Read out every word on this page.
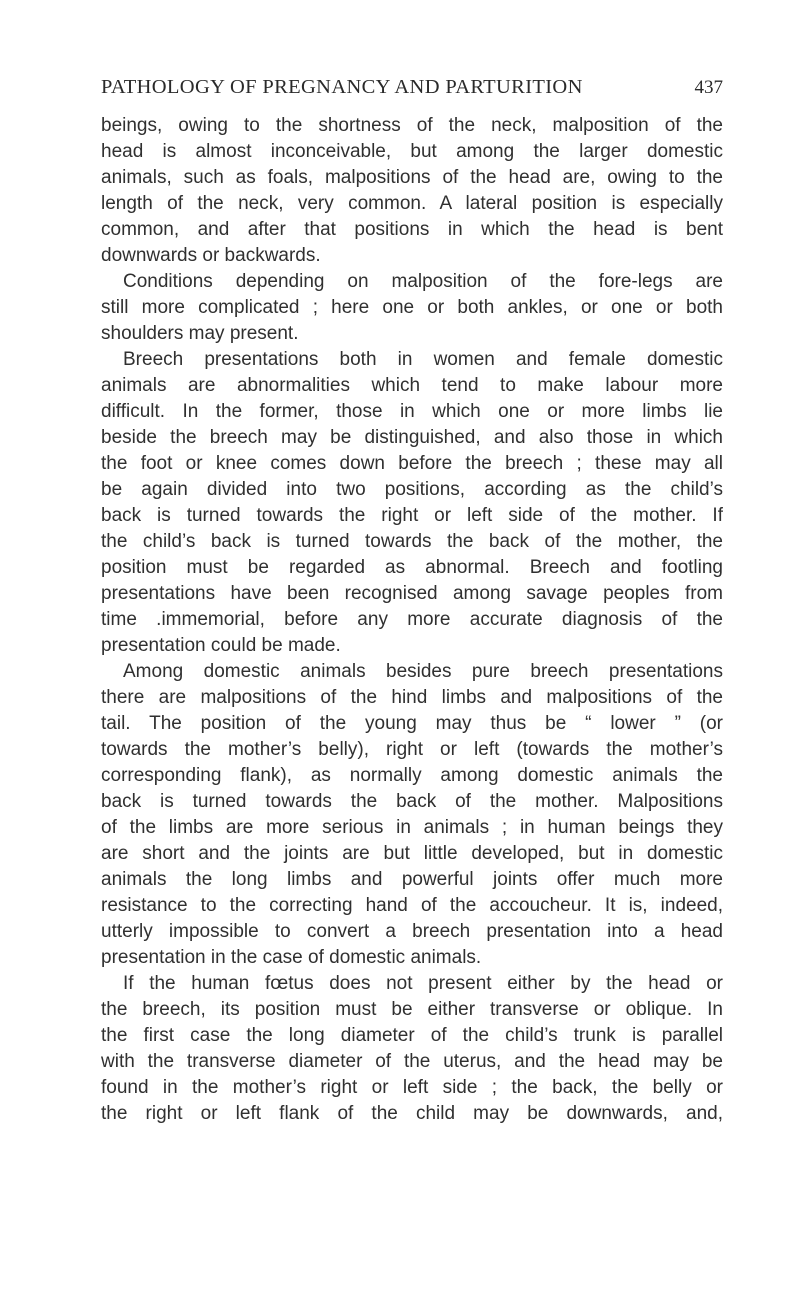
PATHOLOGY OF PREGNANCY AND PARTURITION	437
beings, owing to the shortness of the neck, malposition of the
head is almost inconceivable, but among the larger domestic
animals, such as foals, malpositions of the head are, owing to the
length of the neck, very common. A lateral position is especially
common, and after that positions in which the head is bent
downwards or backwards.
Conditions depending on malposition of the fore-legs are
still more complicated ; here one or both ankles, or one or both
shoulders may present.
Breech presentations both in women and female domestic
animals are abnormalities which tend to make labour more
difficult. In the former, those in which one or more limbs lie
beside the breech may be distinguished, and also those in which
the foot or knee comes down before the breech ; these may all
be again divided into two positions, according as the child’s
back is turned towards the right or left side of the mother. If
the child’s back is turned towards the back of the mother, the
position must be regarded as abnormal. Breech and footling
presentations have been recognised among savage peoples from
time .immemorial, before any more accurate diagnosis of the
presentation could be made.
Among domestic animals besides pure breech presentations
there are malpositions of the hind limbs and malpositions of the
tail. The position of the young may thus be “ lower ” (or
towards the mother’s belly), right or left (towards the mother’s
corresponding flank), as normally among domestic animals the
back is turned towards the back of the mother. Malpositions
of the limbs are more serious in animals ; in human beings they
are short and the joints are but little developed, but in domestic
animals the long limbs and powerful joints offer much more
resistance to the correcting hand of the accoucheur. It is, indeed,
utterly impossible to convert a breech presentation into a head
presentation in the case of domestic animals.
If the human fœtus does not present either by the head or
the breech, its position must be either transverse or oblique. In
the first case the long diameter of the child’s trunk is parallel
with the transverse diameter of the uterus, and the head may be
found in the mother’s right or left side ; the back, the belly or
the right or left flank of the child may be downwards, and,
